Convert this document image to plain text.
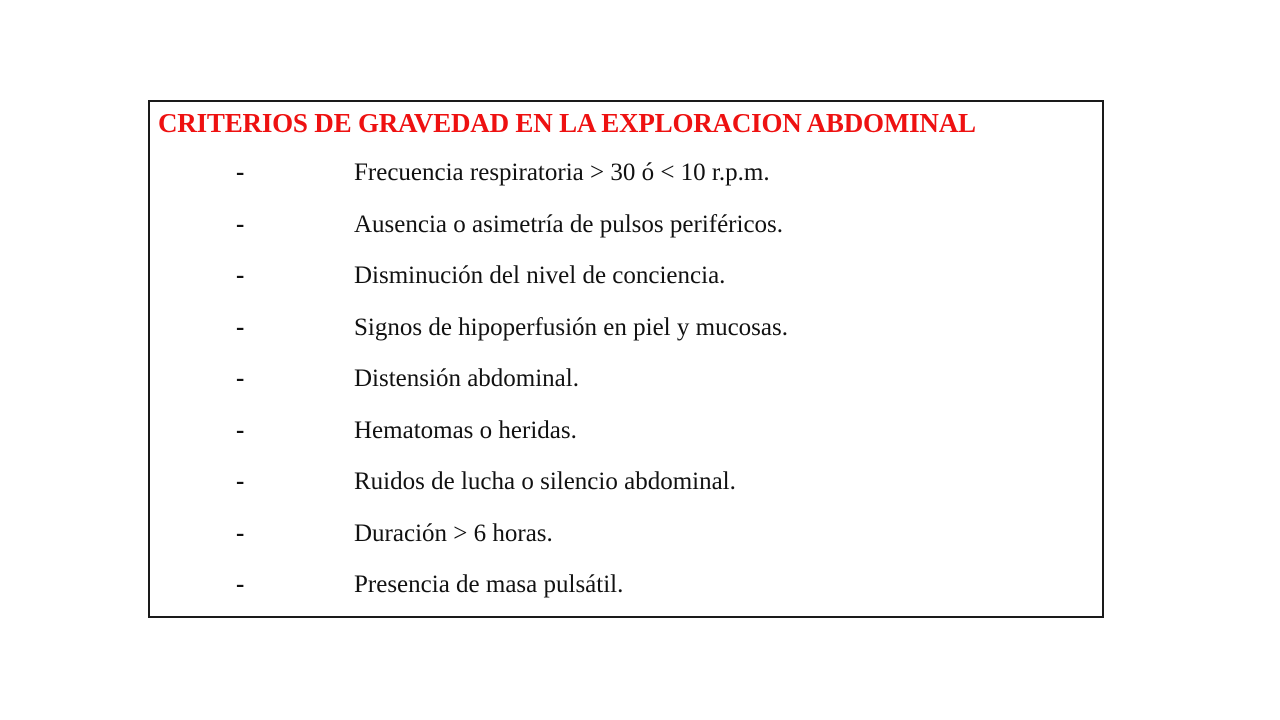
CRITERIOS DE GRAVEDAD EN LA EXPLORACION ABDOMINAL
-	Frecuencia respiratoria > 30 ó < 10 r.p.m.
-	Ausencia o asimetría de pulsos periféricos.
-	Disminución del nivel de conciencia.
-	Signos de hipoperfusión en piel y mucosas.
-	Distensión abdominal.
-	Hematomas o heridas.
-	Ruidos de lucha o silencio abdominal.
-	Duración > 6 horas.
-	Presencia de masa pulsátil.
